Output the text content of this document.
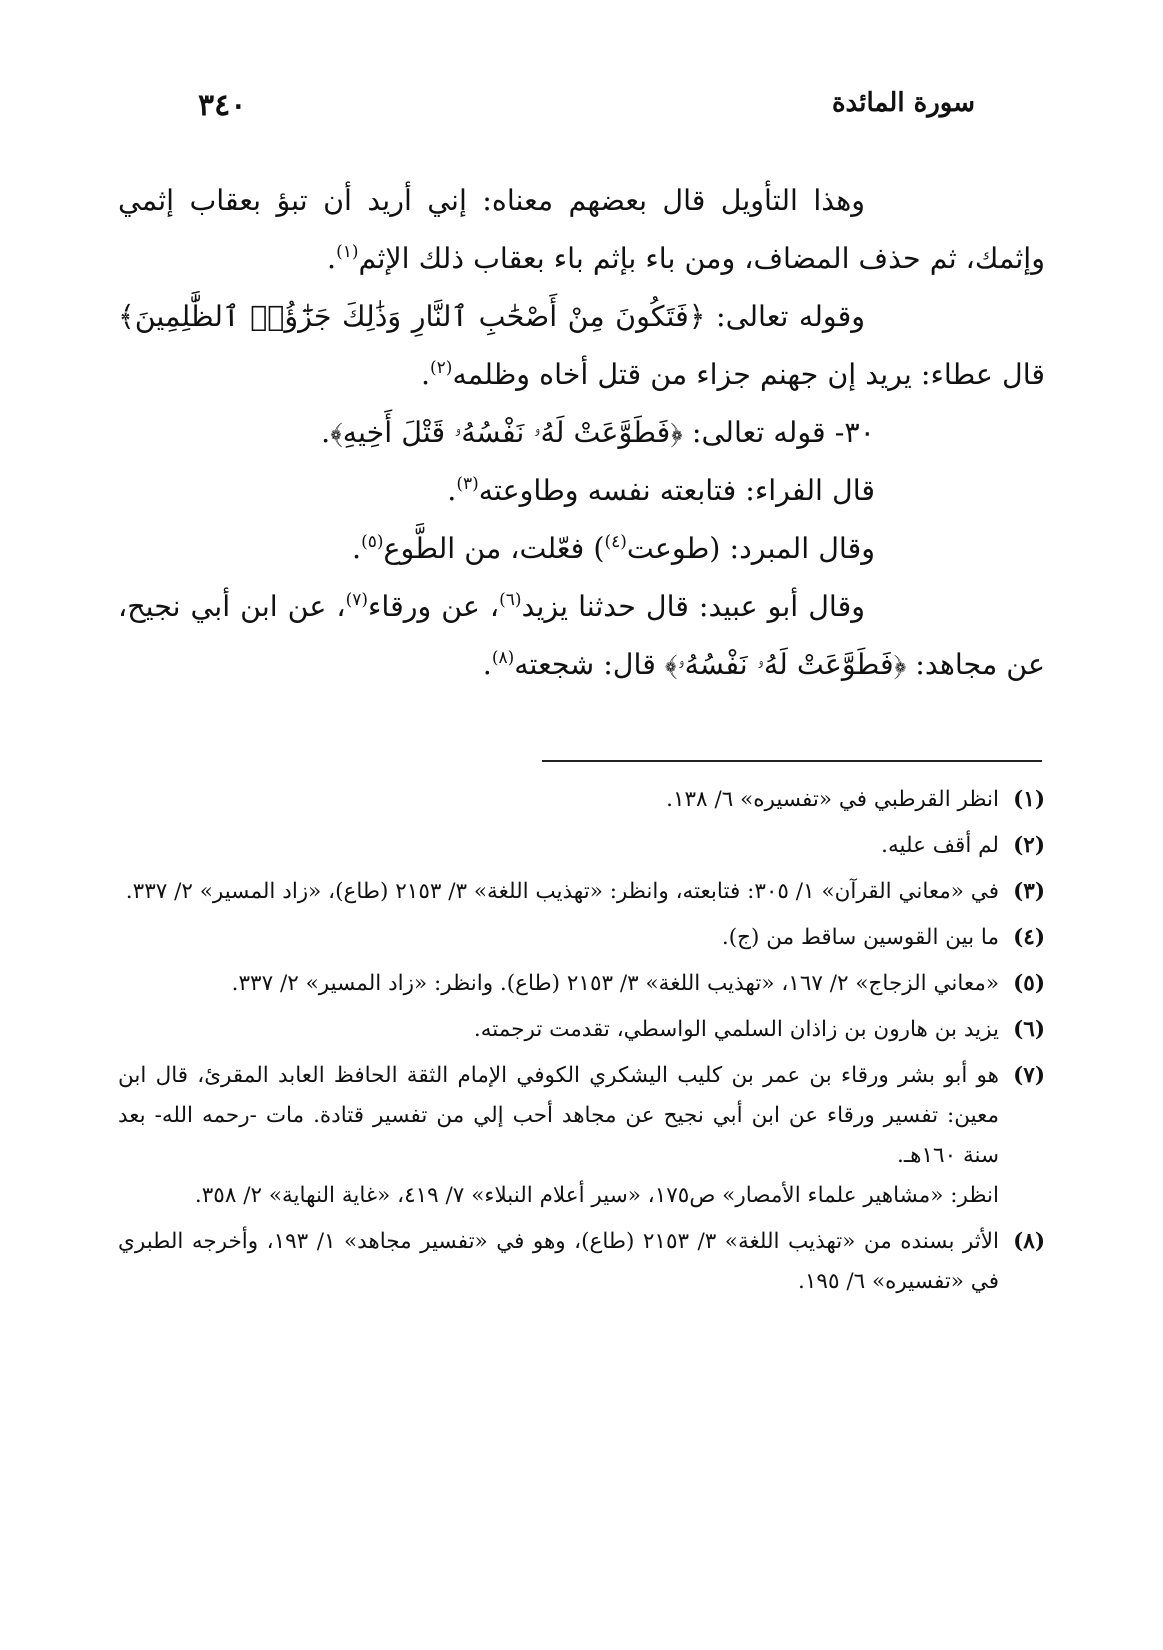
٣٤٠	سورة المائدة

وهذا التأويل قال بعضهم معناه: إني أريد أن تبؤ بعقاب إثمي وإثمك، ثم حذف المضاف، ومن باء بإثم باء بعقاب ذلك الإثم$^{(١)}$.

وقوله تعالى: ﴿فَتَكُونَ مِنْ أَصْحَٰبِ ٱلنَّارِ وَذَٰلِكَ جَزَٰٓؤُا۟ ٱلظَّٰلِمِينَ﴾ قال عطاء: يريد إن جهنم جزاء من قتل أخاه وظلمه$^{(٢)}$.

٣٠- قوله تعالى: ﴿فَطَوَّعَتْ لَهُۥ نَفْسُهُۥ قَتْلَ أَخِيهِ﴾.

قال الفراء: فتابعته نفسه وطاوعته$^{(٣)}$.

وقال المبرد: (طوعت$^{(٤)}$) فعّلت، من الطَّوع$^{(٥)}$.

وقال أبو عبيد: قال حدثنا يزيد$^{(٦)}$، عن ورقاء$^{(٧)}$، عن ابن أبي نجيح، عن مجاهد: ﴿فَطَوَّعَتْ لَهُۥ نَفْسُهُۥ﴾ قال: شجعته$^{(٨)}$.

(١)
انظر القرطبي في «تفسيره» ٦/ ١٣٨.
(٢)
لم أقف عليه.
(٣)
في «معاني القرآن» ١/ ٣٠٥: فتابعته، وانظر: «تهذيب اللغة» ٣/ ٢١٥٣ (طاع)، «زاد المسير» ٢/ ٣٣٧.
(٤)
ما بين القوسين ساقط من (ج).
(٥)
«معاني الزجاج» ٢/ ١٦٧، «تهذيب اللغة» ٣/ ٢١٥٣ (طاع). وانظر: «زاد المسير» ٢/ ٣٣٧.
(٦)
يزيد بن هارون بن زاذان السلمي الواسطي، تقدمت ترجمته.
(٧)

هو أبو بشر ورقاء بن عمر بن كليب اليشكري الكوفي الإمام الثقة الحافظ العابد المقرئ، قال ابن معين: تفسير ورقاء عن ابن أبي نجيح عن مجاهد أحب إلي من تفسير قتادة. مات -رحمه الله- بعد سنة ١٦٠هـ.

انظر: «مشاهير علماء الأمصار» ص١٧٥، «سير أعلام النبلاء» ٧/ ٤١٩، «غاية النهاية» ٢/ ٣٥٨.

(٨)
الأثر بسنده من «تهذيب اللغة» ٣/ ٢١٥٣ (طاع)، وهو في «تفسير مجاهد» ١/ ١٩٣، وأخرجه الطبري في «تفسيره» ٦/ ١٩٥.
